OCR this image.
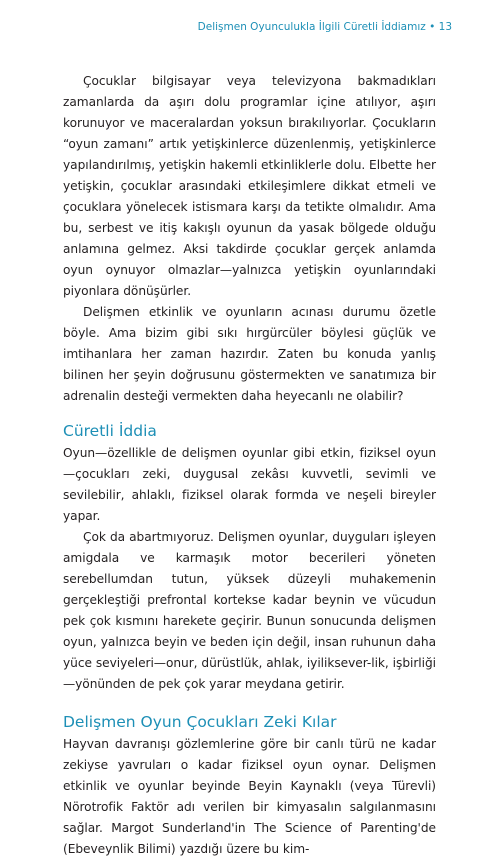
Delişmen Oyunculukla İlgili Cüretli İddiamız • 13

Çocuklar bilgisayar veya televizyona bakmadıkları zamanlarda da aşırı dolu programlar içine atılıyor, aşırı korunuyor ve maceralardan yoksun bırakılıyorlar. Çocukların “oyun zamanı” artık yetişkinlerce düzenlenmiş, yetişkinlerce yapılandırılmış, yetişkin hakemli etkinliklerle dolu. Elbette her yetişkin, çocuklar arasındaki etkileşimlere dikkat etmeli ve çocuklara yönelecek istismara karşı da tetikte olmalıdır. Ama bu, serbest ve itiş kakışlı oyunun da yasak bölgede olduğu anlamına gelmez. Aksi takdirde çocuklar gerçek anlamda oyun oynuyor olmazlar—yalnızca yetişkin oyunlarındaki piyonlara dönüşürler.

Delişmen etkinlik ve oyunların acınası durumu özetle böyle. Ama bizim gibi sıkı hırgürcüler böylesi güçlük ve imtihanlara her zaman hazırdır. Zaten bu konuda yanlış bilinen her şeyin doğrusunu göstermekten ve sanatımıza bir adrenalin desteği vermekten daha heyecanlı ne olabilir?

Cüretli İddia

Oyun—özellikle de delişmen oyunlar gibi etkin, fiziksel oyun—çocukları zeki, duygusal zekâsı kuvvetli, sevimli ve sevilebilir, ahlaklı, fiziksel olarak formda ve neşeli bireyler yapar.

Çok da abartmıyoruz. Delişmen oyunlar, duyguları işleyen amigdala ve karmaşık motor becerileri yöneten serebellumdan tutun, yüksek düzeyli muhakemenin gerçekleştiği prefrontal kortekse kadar beynin ve vücudun pek çok kısmını harekete geçirir. Bunun sonucunda delişmen oyun, yalnızca beyin ve beden için değil, insan ruhunun daha yüce seviyeleri—onur, dürüstlük, ahlak, iyiliksever-lik, işbirliği—yönünden de pek çok yarar meydana getirir.

Delişmen Oyun Çocukları Zeki Kılar

Hayvan davranışı gözlemlerine göre bir canlı türü ne kadar zekiyse yavruları o kadar fiziksel oyun oynar. Delişmen etkinlik ve oyunlar beyinde Beyin Kaynaklı (veya Türevli) Nörotrofik Faktör adı verilen bir kimyasalın salgılanmasını sağlar. Margot Sunderland'in The Science of Parenting'de (Ebeveynlik Bilimi) yazdığı üzere bu kim-
